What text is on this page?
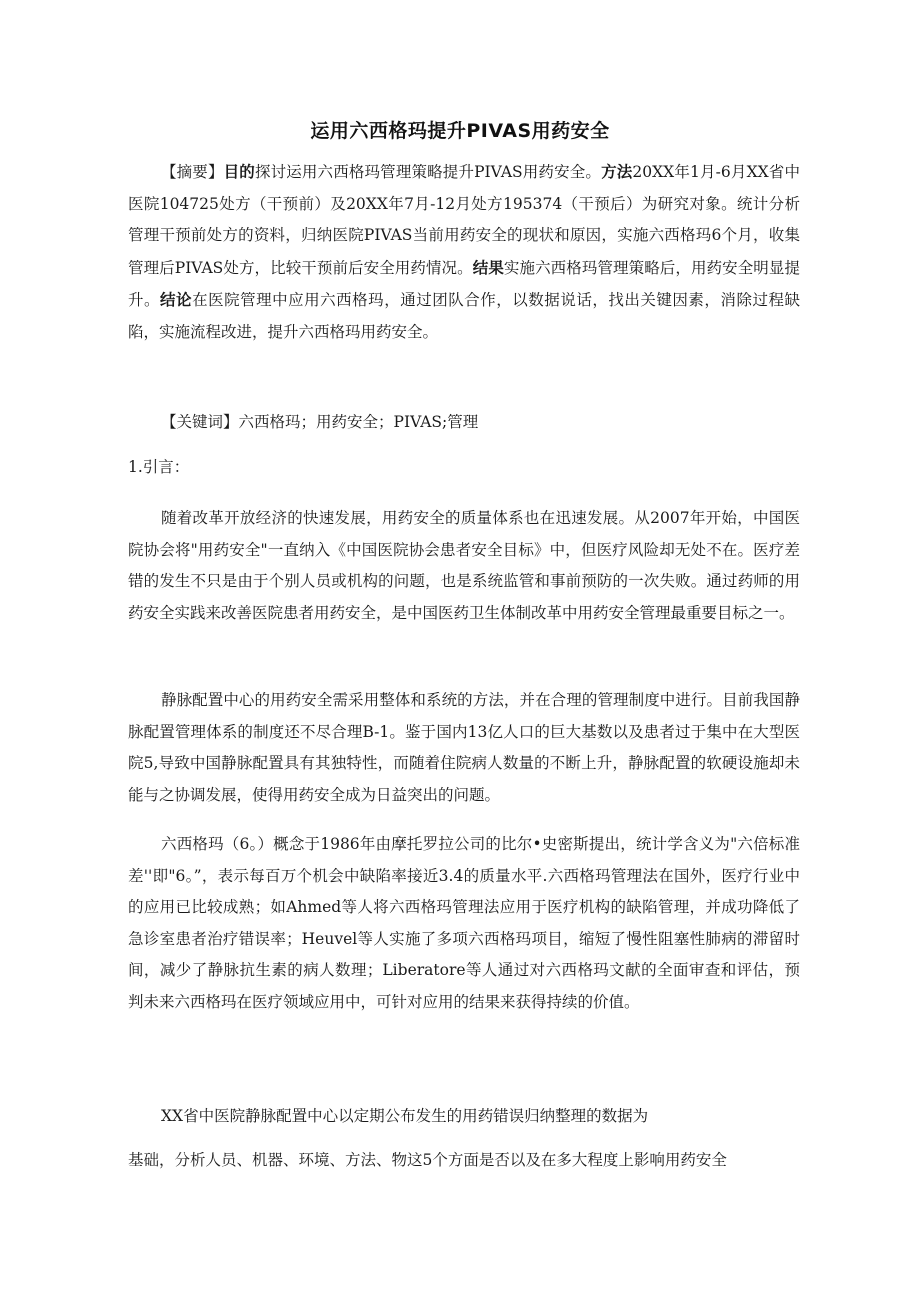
运用六西格玛提升PIVAS用药安全
【摘要】目的探讨运用六西格玛管理策略提升PIVAS用药安全。方法20XX年1月-6月XX省中医院104725处方（干预前）及20XX年7月-12月处方195374（干预后）为研究对象。统计分析管理干预前处方的资料，归纳医院PIVAS当前用药安全的现状和原因，实施六西格玛6个月，收集管理后PIVAS处方，比较干预前后安全用药情况。结果实施六西格玛管理策略后，用药安全明显提升。结论在医院管理中应用六西格玛，通过团队合作，以数据说话，找出关键因素，消除过程缺陷，实施流程改进，提升六西格玛用药安全。
【关键词】六西格玛；用药安全；PIVAS;管理
1.引言：
随着改革开放经济的快速发展，用药安全的质量体系也在迅速发展。从2007年开始，中国医院协会将"用药安全"一直纳入《中国医院协会患者安全目标》中，但医疗风险却无处不在。医疗差错的发生不只是由于个别人员或机构的问题，也是系统监管和事前预防的一次失败。通过药师的用药安全实践来改善医院患者用药安全，是中国医药卫生体制改革中用药安全管理最重要目标之一。
静脉配置中心的用药安全需采用整体和系统的方法，并在合理的管理制度中进行。目前我国静脉配置管理体系的制度还不尽合理B-1。鉴于国内13亿人口的巨大基数以及患者过于集中在大型医院5,导致中国静脉配置具有其独特性，而随着住院病人数量的不断上升，静脉配置的软硬设施却未能与之协调发展，使得用药安全成为日益突出的问题。
六西格玛（6。）概念于1986年由摩托罗拉公司的比尔•史密斯提出，统计学含义为"六倍标准差''即"6。”，表示每百万个机会中缺陷率接近3.4的质量水平.六西格玛管理法在国外，医疗行业中的应用已比较成熟；如Ahmed等人将六西格玛管理法应用于医疗机构的缺陷管理，并成功降低了急诊室患者治疗错误率；Heuvel等人实施了多项六西格玛项目，缩短了慢性阻塞性肺病的滞留时间，减少了静脉抗生素的病人数理；Liberatore等人通过对六西格玛文献的全面审查和评估，预判未来六西格玛在医疗领域应用中，可针对应用的结果来获得持续的价值。
XX省中医院静脉配置中心以定期公布发生的用药错误归纳整理的数据为
基础，分析人员、机器、环境、方法、物这5个方面是否以及在多大程度上影响用药安全
